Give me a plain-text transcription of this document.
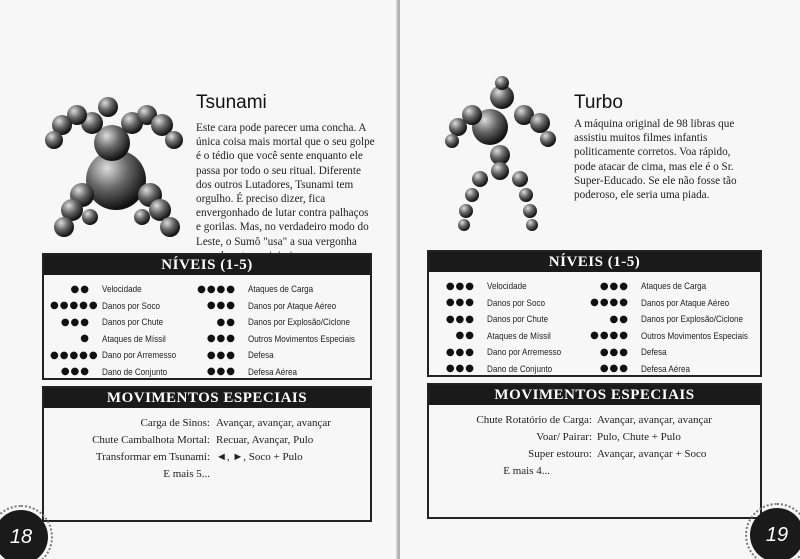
Tsunami
Este cara pode parecer uma concha. A única coisa mais mortal que o seu golpe é o tédio que você sente enquanto ele passa por todo o seu ritual. Diferente dos outros Lutadores, Tsunami tem orgulho. É preciso dizer, fica envergonhado de lutar contra palhaços e gorilas. Mas, no verdadeiro modo do Leste, o Sumô "usa" a sua vergonha
NÍVEIS (1-5)
●● Velocidade
●●●●● Danos por Soco
●●● Danos por Chute
● Ataques de Míssil
●●●●● Dano por Arremesso
●●● Dano de Conjunto
●●●● Ataques de Carga
●●● Danos por Ataque Aéreo
●● Danos por Explosão/Ciclone
●●● Outros Movimentos Especiais
●●● Defesa
●●● Defesa Aérea
MOVIMENTOS ESPECIAIS
Carga de Sinos: Avançar, avançar, avançar
Chute Cambalhota Mortal: Recuar, Avançar, Pulo
Transformar em Tsunami: ◄, ►, Soco + Pulo
E mais 5...
18
Turbo
A máquina original de 98 libras que assistiu muitos filmes infantis politicamente corretos. Voa rápido, pode atacar de cima, mas ele é o Sr. Super-Educado. Se ele não fosse tão poderoso, ele seria uma piada.
NÍVEIS (1-5)
●●● Velocidade
●●● Danos por Soco
●●● Danos por Chute
●● Ataques de Míssil
●●● Dano por Arremesso
●●● Dano de Conjunto
●●● Ataques de Carga
●●●● Danos por Ataque Aéreo
●● Danos por Explosão/Ciclone
●●●● Outros Movimentos Especiais
●●● Defesa
●●● Defesa Aérea
MOVIMENTOS ESPECIAIS
Chute Rotatório de Carga: Avançar, avançar, avançar
Voar/ Pairar: Pulo, Chute + Pulo
Super estouro: Avançar, avançar + Soco
E mais 4...
19
